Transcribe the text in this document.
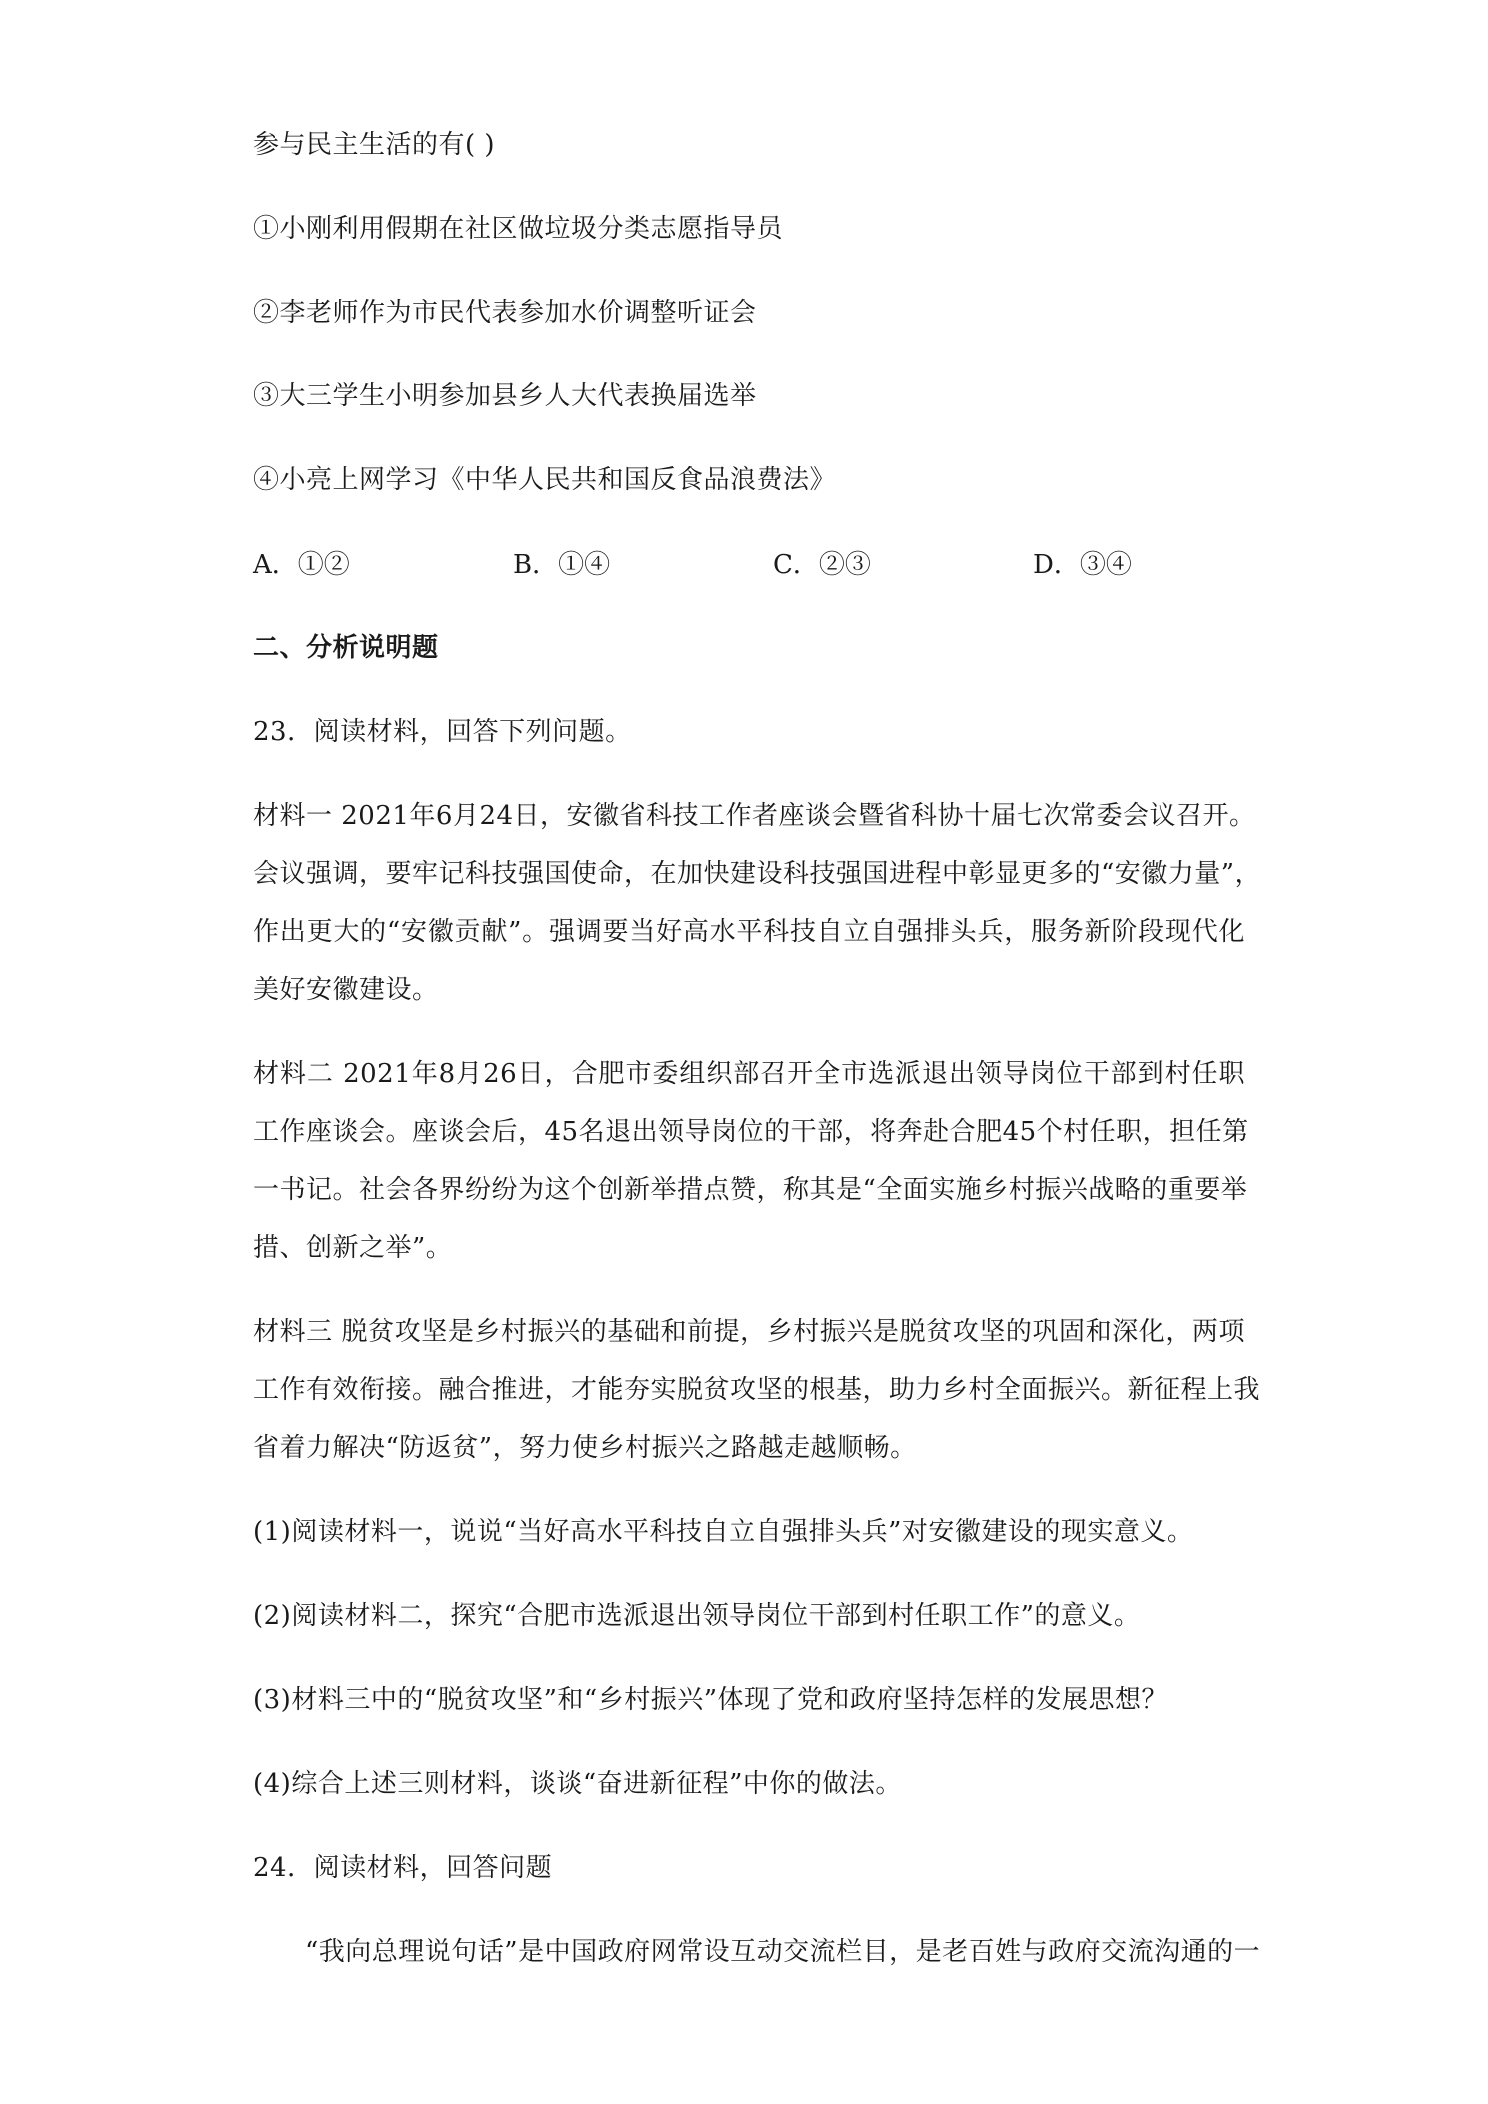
参与民主生活的有( )
①小刚利用假期在社区做垃圾分类志愿指导员
②李老师作为市民代表参加水价调整听证会
③大三学生小明参加县乡人大代表换届选举
④小亮上网学习《中华人民共和国反食品浪费法》
A．①②	B．①④	C．②③	D．③④
二、分析说明题
23．阅读材料，回答下列问题。
材料一 2021年6月24日，安徽省科技工作者座谈会暨省科协十届七次常委会议召开。
会议强调，要牢记科技强国使命，在加快建设科技强国进程中彰显更多的“安徽力量”，
作出更大的“安徽贡献”。强调要当好高水平科技自立自强排头兵，服务新阶段现代化
美好安徽建设。
材料二 2021年8月26日，合肥市委组织部召开全市选派退出领导岗位干部到村任职
工作座谈会。座谈会后，45名退出领导岗位的干部，将奔赴合肥45个村任职，担任第
一书记。社会各界纷纷为这个创新举措点赞，称其是“全面实施乡村振兴战略的重要举
措、创新之举”。
材料三 脱贫攻坚是乡村振兴的基础和前提，乡村振兴是脱贫攻坚的巩固和深化，两项
工作有效衔接。融合推进，才能夯实脱贫攻坚的根基，助力乡村全面振兴。新征程上我
省着力解决“防返贫”，努力使乡村振兴之路越走越顺畅。
(1)阅读材料一，说说“当好高水平科技自立自强排头兵”对安徽建设的现实意义。
(2)阅读材料二，探究“合肥市选派退出领导岗位干部到村任职工作”的意义。
(3)材料三中的“脱贫攻坚”和“乡村振兴”体现了党和政府坚持怎样的发展思想？
(4)综合上述三则材料，谈谈“奋进新征程”中你的做法。
24．阅读材料，回答问题
“我向总理说句话”是中国政府网常设互动交流栏目，是老百姓与政府交流沟通的一
